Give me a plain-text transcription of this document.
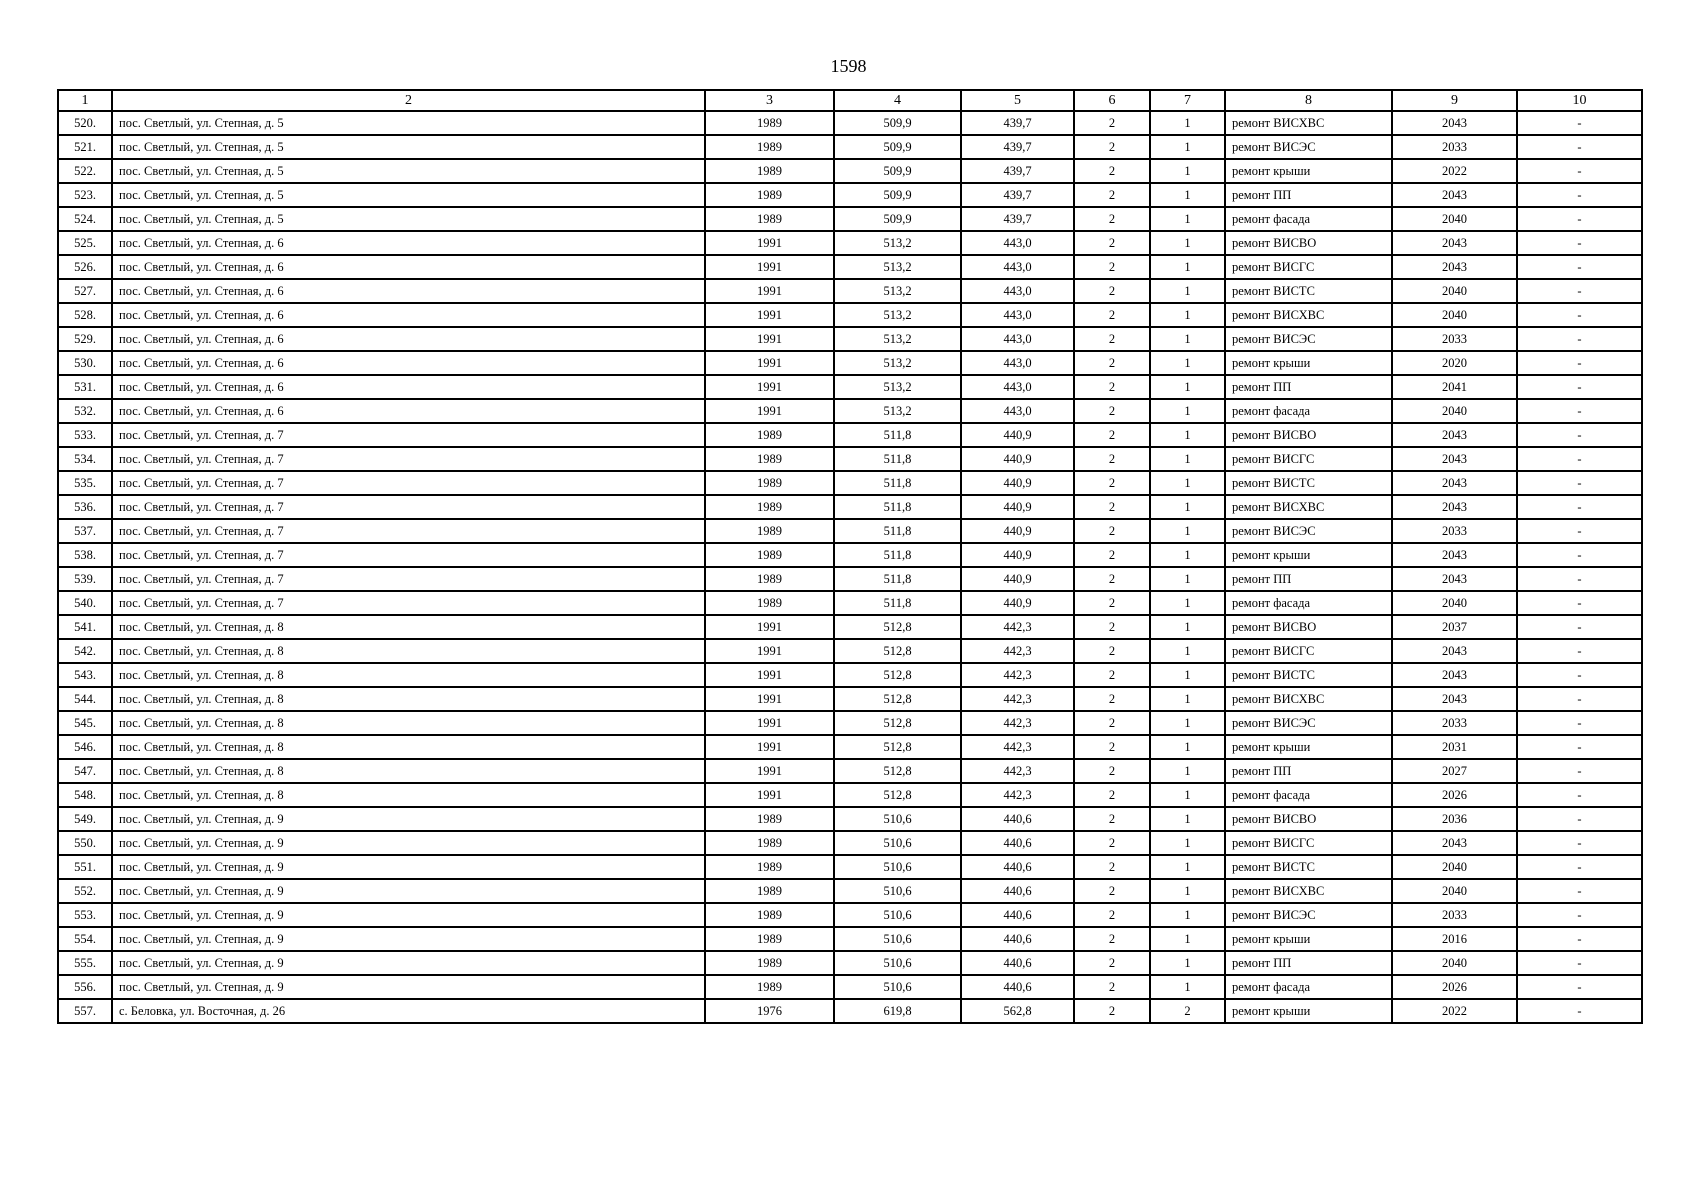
1598
1	2	3	4	5	6	7	8	9	10
520.	пос. Светлый, ул. Степная, д. 5	1989	509,9	439,7	2	1	ремонт ВИСХВС	2043	-
521.	пос. Светлый, ул. Степная, д. 5	1989	509,9	439,7	2	1	ремонт ВИСЭС	2033	-
522.	пос. Светлый, ул. Степная, д. 5	1989	509,9	439,7	2	1	ремонт крыши	2022	-
523.	пос. Светлый, ул. Степная, д. 5	1989	509,9	439,7	2	1	ремонт ПП	2043	-
524.	пос. Светлый, ул. Степная, д. 5	1989	509,9	439,7	2	1	ремонт фасада	2040	-
525.	пос. Светлый, ул. Степная, д. 6	1991	513,2	443,0	2	1	ремонт ВИСВО	2043	-
526.	пос. Светлый, ул. Степная, д. 6	1991	513,2	443,0	2	1	ремонт ВИСГС	2043	-
527.	пос. Светлый, ул. Степная, д. 6	1991	513,2	443,0	2	1	ремонт ВИСТС	2040	-
528.	пос. Светлый, ул. Степная, д. 6	1991	513,2	443,0	2	1	ремонт ВИСХВС	2040	-
529.	пос. Светлый, ул. Степная, д. 6	1991	513,2	443,0	2	1	ремонт ВИСЭС	2033	-
530.	пос. Светлый, ул. Степная, д. 6	1991	513,2	443,0	2	1	ремонт крыши	2020	-
531.	пос. Светлый, ул. Степная, д. 6	1991	513,2	443,0	2	1	ремонт ПП	2041	-
532.	пос. Светлый, ул. Степная, д. 6	1991	513,2	443,0	2	1	ремонт фасада	2040	-
533.	пос. Светлый, ул. Степная, д. 7	1989	511,8	440,9	2	1	ремонт ВИСВО	2043	-
534.	пос. Светлый, ул. Степная, д. 7	1989	511,8	440,9	2	1	ремонт ВИСГС	2043	-
535.	пос. Светлый, ул. Степная, д. 7	1989	511,8	440,9	2	1	ремонт ВИСТС	2043	-
536.	пос. Светлый, ул. Степная, д. 7	1989	511,8	440,9	2	1	ремонт ВИСХВС	2043	-
537.	пос. Светлый, ул. Степная, д. 7	1989	511,8	440,9	2	1	ремонт ВИСЭС	2033	-
538.	пос. Светлый, ул. Степная, д. 7	1989	511,8	440,9	2	1	ремонт крыши	2043	-
539.	пос. Светлый, ул. Степная, д. 7	1989	511,8	440,9	2	1	ремонт ПП	2043	-
540.	пос. Светлый, ул. Степная, д. 7	1989	511,8	440,9	2	1	ремонт фасада	2040	-
541.	пос. Светлый, ул. Степная, д. 8	1991	512,8	442,3	2	1	ремонт ВИСВО	2037	-
542.	пос. Светлый, ул. Степная, д. 8	1991	512,8	442,3	2	1	ремонт ВИСГС	2043	-
543.	пос. Светлый, ул. Степная, д. 8	1991	512,8	442,3	2	1	ремонт ВИСТС	2043	-
544.	пос. Светлый, ул. Степная, д. 8	1991	512,8	442,3	2	1	ремонт ВИСХВС	2043	-
545.	пос. Светлый, ул. Степная, д. 8	1991	512,8	442,3	2	1	ремонт ВИСЭС	2033	-
546.	пос. Светлый, ул. Степная, д. 8	1991	512,8	442,3	2	1	ремонт крыши	2031	-
547.	пос. Светлый, ул. Степная, д. 8	1991	512,8	442,3	2	1	ремонт ПП	2027	-
548.	пос. Светлый, ул. Степная, д. 8	1991	512,8	442,3	2	1	ремонт фасада	2026	-
549.	пос. Светлый, ул. Степная, д. 9	1989	510,6	440,6	2	1	ремонт ВИСВО	2036	-
550.	пос. Светлый, ул. Степная, д. 9	1989	510,6	440,6	2	1	ремонт ВИСГС	2043	-
551.	пос. Светлый, ул. Степная, д. 9	1989	510,6	440,6	2	1	ремонт ВИСТС	2040	-
552.	пос. Светлый, ул. Степная, д. 9	1989	510,6	440,6	2	1	ремонт ВИСХВС	2040	-
553.	пос. Светлый, ул. Степная, д. 9	1989	510,6	440,6	2	1	ремонт ВИСЭС	2033	-
554.	пос. Светлый, ул. Степная, д. 9	1989	510,6	440,6	2	1	ремонт крыши	2016	-
555.	пос. Светлый, ул. Степная, д. 9	1989	510,6	440,6	2	1	ремонт ПП	2040	-
556.	пос. Светлый, ул. Степная, д. 9	1989	510,6	440,6	2	1	ремонт фасада	2026	-
557.	с. Беловка, ул. Восточная, д. 26	1976	619,8	562,8	2	2	ремонт крыши	2022	-
